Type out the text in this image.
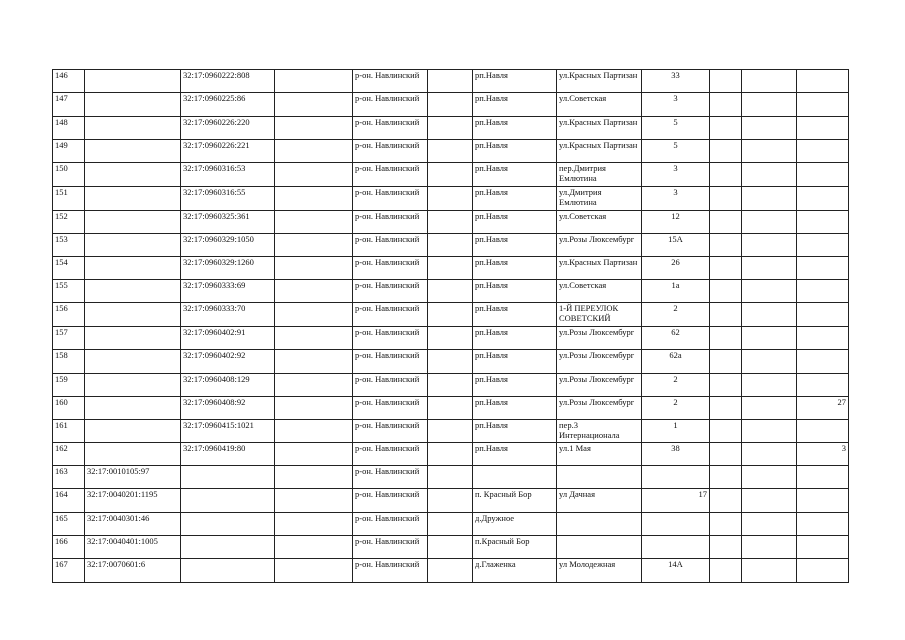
146		32:17:0960222:808		р-он. Навлинский		рп.Навля	ул.Красных Партизан	33			
147		32:17:0960225:86		р-он. Навлинский		рп.Навля	ул.Советская	3			
148		32:17:0960226:220		р-он. Навлинский		рп.Навля	ул.Красных Партизан	5			
149		32:17:0960226:221		р-он. Навлинский		рп.Навля	ул.Красных Партизан	5			
150		32:17:0960316:53		р-он. Навлинский		рп.Навля	пер.Дмитрия Емлютина	3			
151		32:17:0960316:55		р-он. Навлинский		рп.Навля	ул.Дмитрия Емлютина	3			
152		32:17:0960325:361		р-он. Навлинский		рп.Навля	ул.Советская	12			
153		32:17:0960329:1050		р-он. Навлинский		рп.Навля	ул.Розы Люксембург	15А			
154		32:17:0960329:1260		р-он. Навлинский		рп.Навля	ул.Красных Партизан	26			
155		32:17:0960333:69		р-он. Навлинский		рп.Навля	ул.Советская	1а			
156		32:17:0960333:70		р-он. Навлинский		рп.Навля	1-Й ПЕРЕУЛОК СОВЕТСКИЙ	2			
157		32:17:0960402:91		р-он. Навлинский		рп.Навля	ул.Розы Люксембург	62			
158		32:17:0960402:92		р-он. Навлинский		рп.Навля	ул.Розы Люксембург	62а			
159		32:17:0960408:129		р-он. Навлинский		рп.Навля	ул.Розы Люксембург	2			
160		32:17:0960408:92		р-он. Навлинский		рп.Навля	ул.Розы Люксембург	2			27
161		32:17:0960415:1021		р-он. Навлинский		рп.Навля	пер.3 Интернационала	1			
162		32:17:0960419:80		р-он. Навлинский		рп.Навля	ул.1 Мая	38			3
163	32:17:0010105:97			р-он. Навлинский							
164	32:17:0040201:1195			р-он. Навлинский		п. Красный Бор	ул Дачная	17			
165	32:17:0040301:46			р-он. Навлинский		д.Дружное					
166	32:17:0040401:1005			р-он. Навлинский		п.Красный Бор					
167	32:17:0070601:6			р-он. Навлинский		д.Глаженка	ул Молодежная	14А			
